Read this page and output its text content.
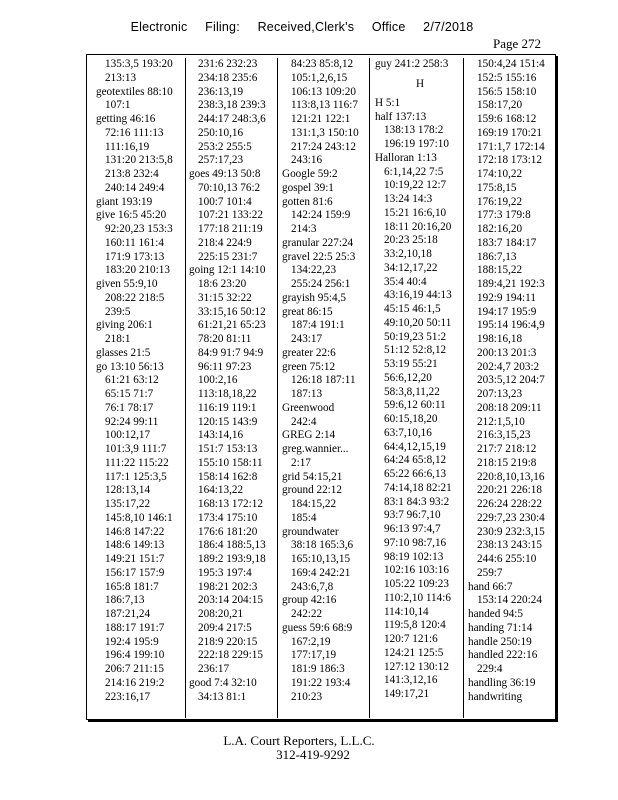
Electronic Filing: Received,Clerk's Office 2/7/2018
Page 272
135:3,5 193:20
213:13
geotextiles 88:10
107:1
getting 46:16
72:16 111:13
111:16,19
131:20 213:5,8
213:8 232:4
240:14 249:4
giant 193:19
give 16:5 45:20
92:20,23 153:3
160:11 161:4
171:9 173:13
183:20 210:13
given 55:9,10
208:22 218:5
239:5
giving 206:1
218:1
glasses 21:5
go 13:10 56:13
61:21 63:12
65:15 71:7
76:1 78:17
92:24 99:11
100:12,17
101:3,9 111:7
111:22 115:22
117:1 125:3,5
128:13,14
135:17,22
145:8,10 146:1
146:8 147:22
148:6 149:13
149:21 151:7
156:17 157:9
165:8 181:7
186:7,13
187:21,24
188:17 191:7
192:4 195:9
196:4 199:10
206:7 211:15
214:16 219:2
223:16,17
231:6 232:23
234:18 235:6
236:13,19
238:3,18 239:3
244:17 248:3,6
250:10,16
253:2 255:5
257:17,23
goes 49:13 50:8
70:10,13 76:2
100:7 101:4
107:21 133:22
177:18 211:19
218:4 224:9
225:15 231:7
going 12:1 14:10
18:6 23:20
31:15 32:22
33:15,16 50:12
61:21,21 65:23
78:20 81:11
84:9 91:7 94:9
96:11 97:23
100:2,16
113:18,18,22
116:19 119:1
120:15 143:9
143:14,16
151:7 153:13
155:10 158:11
158:14 162:8
164:13,22
168:13 172:12
173:4 175:10
176:6 181:20
186:4 188:5,13
189:2 193:9,18
195:3 197:4
198:21 202:3
203:14 204:15
208:20,21
209:4 217:5
218:9 220:15
222:18 229:15
236:17
good 7:4 32:10
34:13 81:1
84:23 85:8,12
105:1,2,6,15
106:13 109:20
113:8,13 116:7
121:21 122:1
131:1,3 150:10
217:24 243:12
243:16
Google 59:2
gospel 39:1
gotten 81:6
142:24 159:9
214:3
granular 227:24
gravel 22:5 25:3
134:22,23
255:24 256:1
grayish 95:4,5
great 86:15
187:4 191:1
243:17
greater 22:6
green 75:12
126:18 187:11
187:13
Greenwood
242:4
GREG 2:14
greg.wannier...
2:17
grid 54:15,21
ground 22:12
184:15,22
185:4
groundwater
38:18 165:3,6
165:10,13,15
169:4 242:21
243:6,7,8
group 42:16
242:22
guess 59:6 68:9
167:2,19
177:17,19
181:9 186:3
191:22 193:4
210:23
guy 241:2 258:3
H
H 5:1
half 137:13
138:13 178:2
196:19 197:10
Halloran 1:13
6:1,14,22 7:5
10:19,22 12:7
13:24 14:3
15:21 16:6,10
18:11 20:16,20
20:23 25:18
33:2,10,18
34:12,17,22
35:4 40:4
43:16,19 44:13
45:15 46:1,5
49:10,20 50:11
50:19,23 51:2
51:12 52:8,12
53:19 55:21
56:6,12,20
58:3,8,11,22
59:6,12 60:11
60:15,18,20
63:7,10,16
64:4,12,15,19
64:24 65:8,12
65:22 66:6,13
74:14,18 82:21
83:1 84:3 93:2
93:7 96:7,10
96:13 97:4,7
97:10 98:7,16
98:19 102:13
102:16 103:16
105:22 109:23
110:2,10 114:6
114:10,14
119:5,8 120:4
120:7 121:6
124:21 125:5
127:12 130:12
141:3,12,16
149:17,21
150:4,24 151:4
152:5 155:16
156:5 158:10
158:17,20
159:6 168:12
169:19 170:21
171:1,7 172:14
172:18 173:12
174:10,22
175:8,15
176:19,22
177:3 179:8
182:16,20
183:7 184:17
186:7,13
188:15,22
189:4,21 192:3
192:9 194:11
194:17 195:9
195:14 196:4,9
198:16,18
200:13 201:3
202:4,7 203:2
203:5,12 204:7
207:13,23
208:18 209:11
212:1,5,10
216:3,15,23
217:7 218:12
218:15 219:8
220:8,10,13,16
220:21 226:18
226:24 228:22
229:7,23 230:4
230:9 232:3,15
238:13 243:15
244:6 255:10
259:7
hand 66:7
153:14 220:24
handed 94:5
handing 71:14
handle 250:19
handled 222:16
229:4
handling 36:19
handwriting
L.A. Court Reporters, L.L.C.
312-419-9292
